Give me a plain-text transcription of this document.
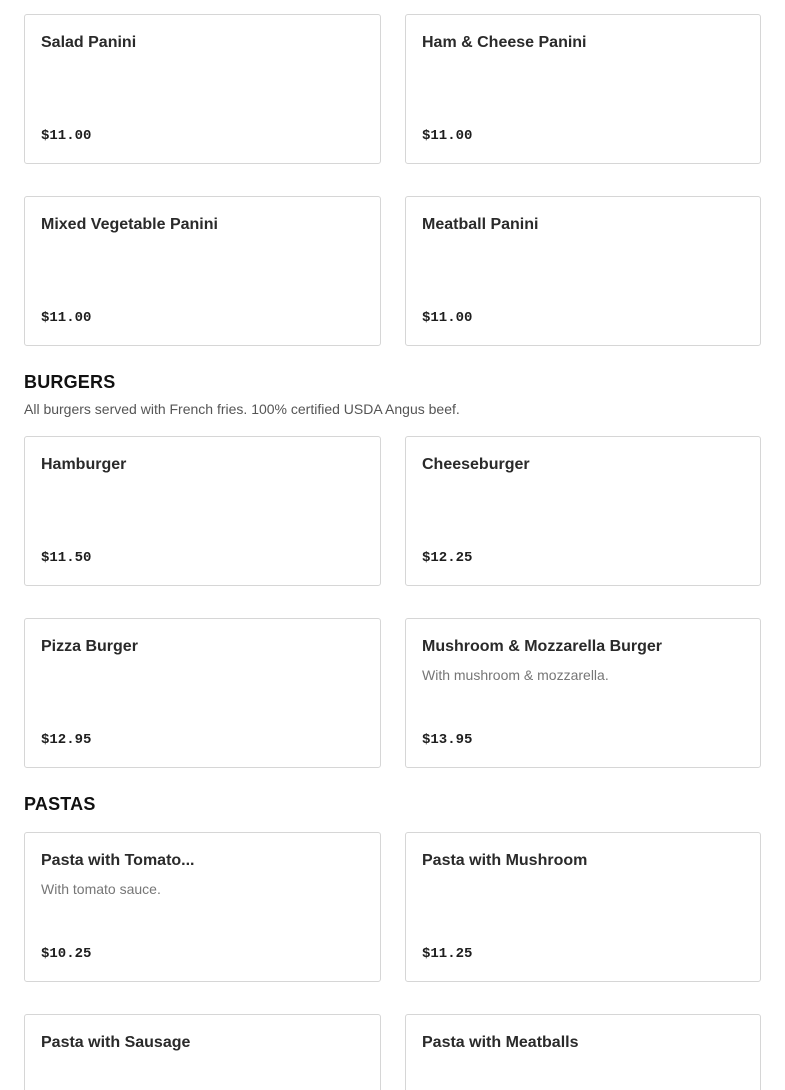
Salad Panini
$11.00
Ham & Cheese Panini
$11.00
Mixed Vegetable Panini
$11.00
Meatball Panini
$11.00
BURGERS

All burgers served with French fries. 100% certified USDA Angus beef.

Hamburger
$11.50
Cheeseburger
$12.25
Pizza Burger
$12.95
Mushroom & Mozzarella Burger
With mushroom & mozzarella.
$13.95
PASTAS
Pasta with Tomato...
With tomato sauce.
$10.25
Pasta with Mushroom
$11.25
Pasta with Sausage	Pasta with Meatballs
